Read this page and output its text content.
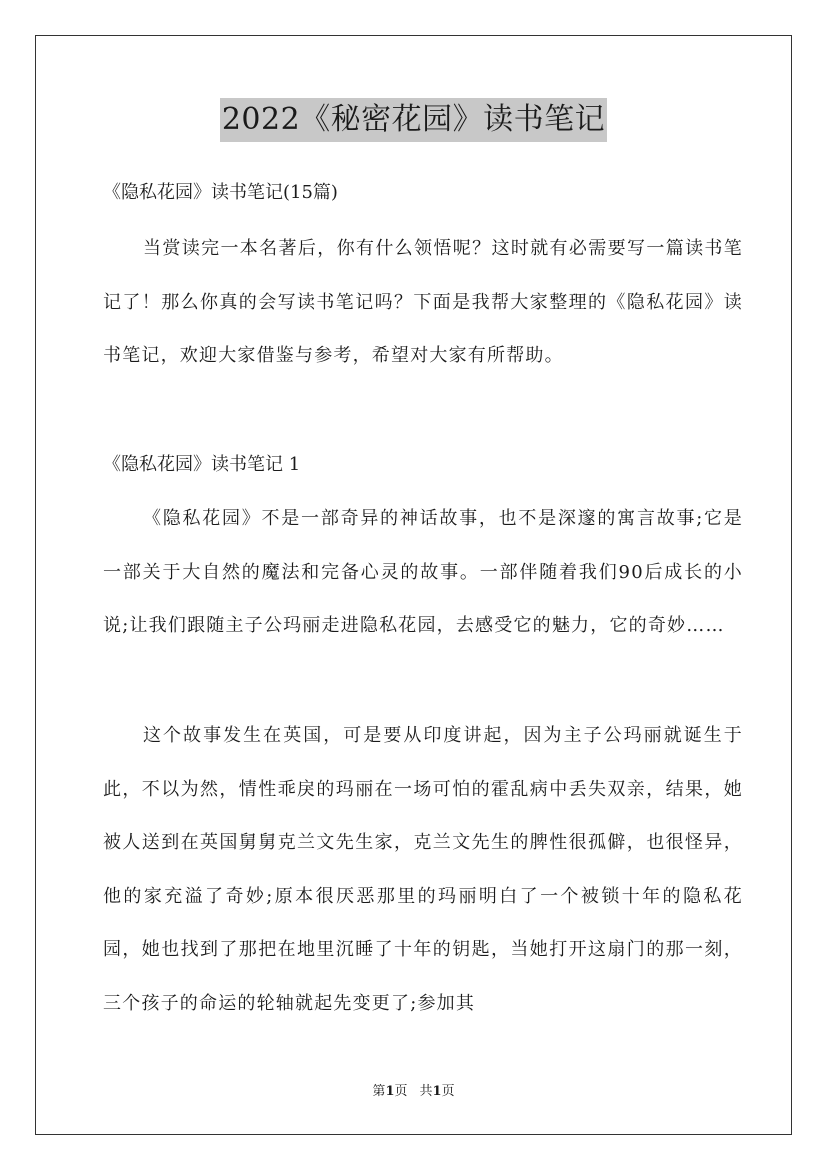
2022《秘密花园》读书笔记

《隐私花园》读书笔记(15篇)

当赏读完一本名著后，你有什么领悟呢？这时就有必需要写一篇读书笔记了！那么你真的会写读书笔记吗？下面是我帮大家整理的《隐私花园》读书笔记，欢迎大家借鉴与参考，希望对大家有所帮助。

《隐私花园》读书笔记 1

《隐私花园》不是一部奇异的神话故事，也不是深邃的寓言故事;它是一部关于大自然的魔法和完备心灵的故事。一部伴随着我们90后成长的小说;让我们跟随主子公玛丽走进隐私花园，去感受它的魅力，它的奇妙……

这个故事发生在英国，可是要从印度讲起，因为主子公玛丽就诞生于此，不以为然，情性乖戾的玛丽在一场可怕的霍乱病中丢失双亲，结果，她被人送到在英国舅舅克兰文先生家，克兰文先生的脾性很孤僻，也很怪异，他的家充溢了奇妙;原本很厌恶那里的玛丽明白了一个被锁十年的隐私花园，她也找到了那把在地里沉睡了十年的钥匙，当她打开这扇门的那一刻，三个孩子的命运的轮轴就起先变更了;参加其

第1页 共1页
